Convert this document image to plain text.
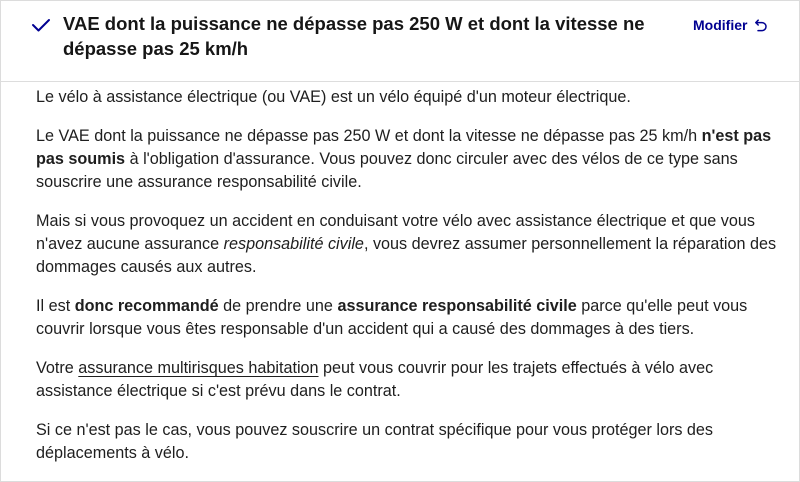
VAE dont la puissance ne dépasse pas 250 W et dont la vitesse ne dépasse pas 25 km/h
Modifier

Le vélo à assistance électrique (ou VAE) est un vélo équipé d'un moteur électrique.

Le VAE dont la puissance ne dépasse pas 250 W et dont la vitesse ne dépasse pas 25 km/h n'est pas pas soumis à l'obligation d'assurance. Vous pouvez donc circuler avec des vélos de ce type sans souscrire une assurance responsabilité civile.

Mais si vous provoquez un accident en conduisant votre vélo avec assistance électrique et que vous n'avez aucune assurance responsabilité civile, vous devrez assumer personnellement la réparation des dommages causés aux autres.

Il est donc recommandé de prendre une assurance responsabilité civile parce qu'elle peut vous couvrir lorsque vous êtes responsable d'un accident qui a causé des dommages à des tiers.

Votre assurance multirisques habitation peut vous couvrir pour les trajets effectués à vélo avec assistance électrique si c'est prévu dans le contrat.

Si ce n'est pas le cas, vous pouvez souscrire un contrat spécifique pour vous protéger lors des déplacements à vélo.
